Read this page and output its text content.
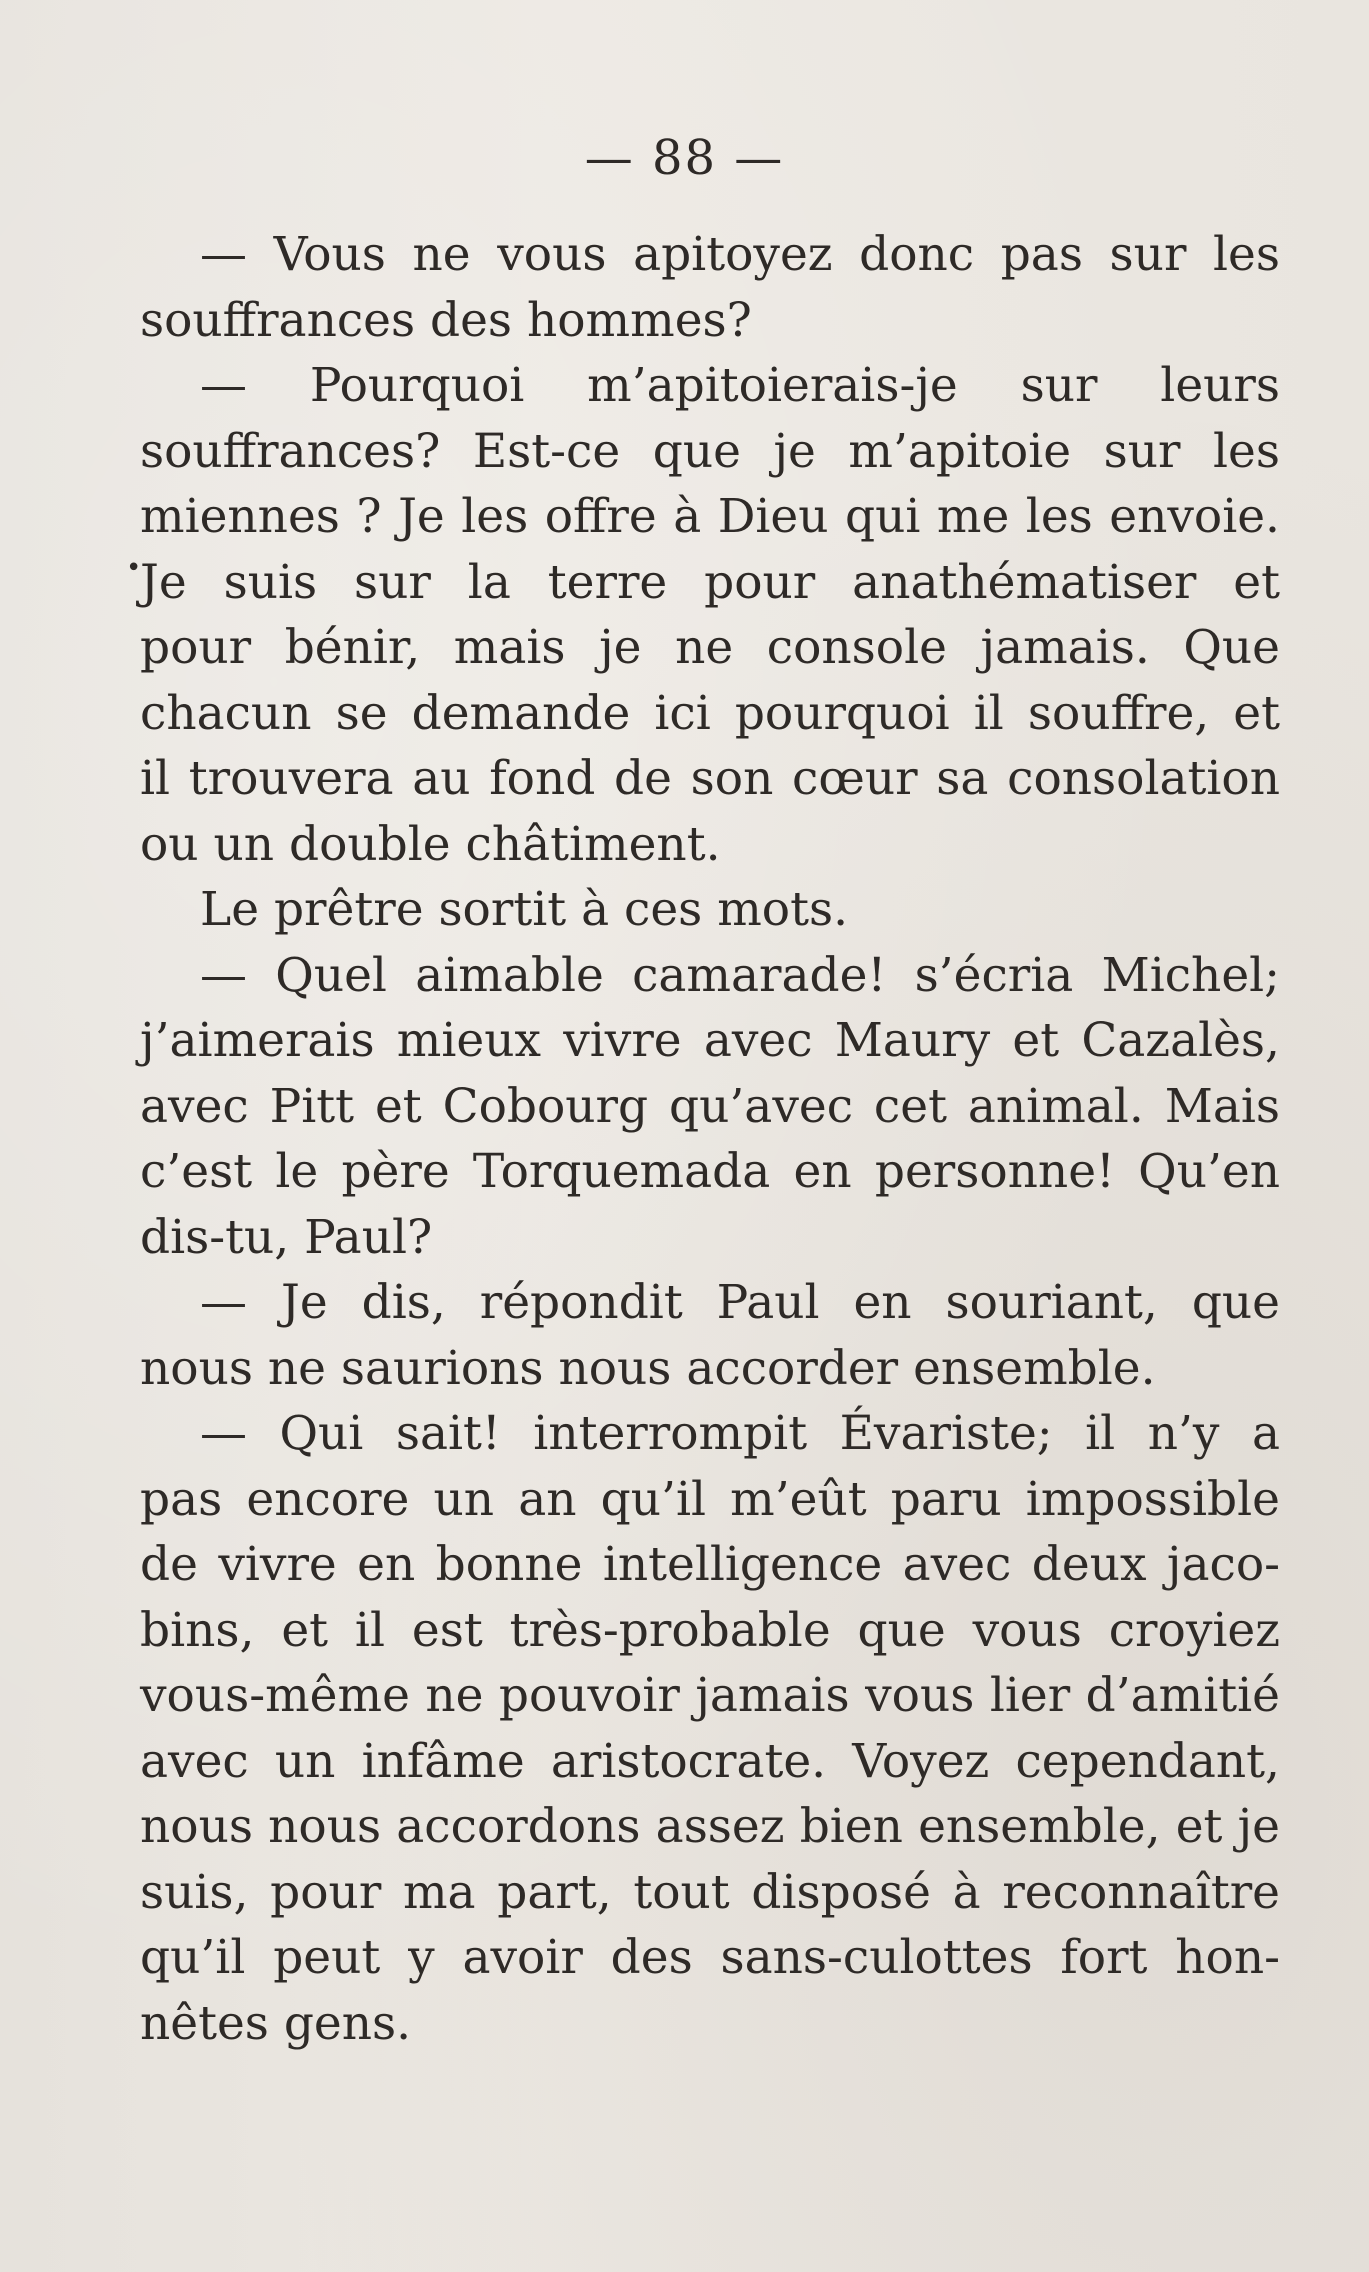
— 88 —
— Vous ne vous apitoyez donc pas sur les
souffrances des hommes?
— Pourquoi m’apitoierais-je sur leurs
souffrances? Est-ce que je m’apitoie sur les
miennes ? Je les offre à Dieu qui me les envoie.
•
Je suis sur la terre pour anathématiser et
pour bénir, mais je ne console jamais. Que
chacun se demande ici pourquoi il souffre, et
il trouvera au fond de son cœur sa consolation
ou un double châtiment.
Le prêtre sortit à ces mots.
— Quel aimable camarade! s’écria Michel;
j’aimerais mieux vivre avec Maury et Cazalès,
avec Pitt et Cobourg qu’avec cet animal. Mais
c’est le père Torquemada en personne! Qu’en
dis-tu, Paul?
— Je dis, répondit Paul en souriant, que
nous ne saurions nous accorder ensemble.
— Qui sait! interrompit Évariste; il n’y a
pas encore un an qu’il m’eût paru impossible
de vivre en bonne intelligence avec deux jaco-
bins, et il est très-probable que vous croyiez
vous-même ne pouvoir jamais vous lier d’amitié
avec un infâme aristocrate. Voyez cependant,
nous nous accordons assez bien ensemble, et je
suis, pour ma part, tout disposé à reconnaître
qu’il peut y avoir des sans-culottes fort hon-
nêtes gens.
